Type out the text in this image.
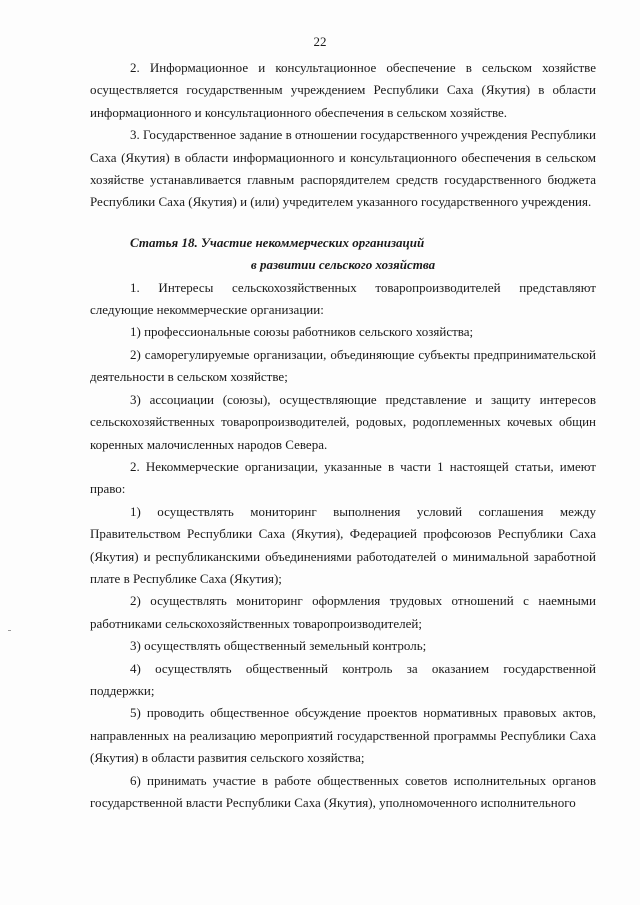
22

2. Информационное и консультационное обеспечение в сельском хозяйстве осуществляется государственным учреждением Республики Саха (Якутия) в области информационного и консультационного обеспечения в сельском хозяйстве.

3. Государственное задание в отношении государственного учреждения Республики Саха (Якутия) в области информационного и консультационного обеспечения в сельском хозяйстве устанавливается главным распорядителем средств государственного бюджета Республики Саха (Якутия) и (или) учредителем указанного государственного учреждения.

Статья 18. Участие некоммерческих организаций
в развитии сельского хозяйства

1. Интересы сельскохозяйственных товаропроизводителей представляют следующие некоммерческие организации:

1) профессиональные союзы работников сельского хозяйства;

2) саморегулируемые организации, объединяющие субъекты предпринимательской деятельности в сельском хозяйстве;

3) ассоциации (союзы), осуществляющие представление и защиту интересов сельскохозяйственных товаропроизводителей, родовых, родоплеменных кочевых общин коренных малочисленных народов Севера.

2. Некоммерческие организации, указанные в части 1 настоящей статьи, имеют право:

1) осуществлять мониторинг выполнения условий соглашения между Правительством Республики Саха (Якутия), Федерацией профсоюзов Республики Саха (Якутия) и республиканскими объединениями работодателей о минимальной заработной плате в Республике Саха (Якутия);

2) осуществлять мониторинг оформления трудовых отношений с наемными работниками сельскохозяйственных товаропроизводителей;

3) осуществлять общественный земельный контроль;

4) осуществлять общественный контроль за оказанием государственной поддержки;

5) проводить общественное обсуждение проектов нормативных правовых актов, направленных на реализацию мероприятий государственной программы Республики Саха (Якутия) в области развития сельского хозяйства;

6) принимать участие в работе общественных советов исполнительных органов государственной власти Республики Саха (Якутия), уполномоченного исполнительного
